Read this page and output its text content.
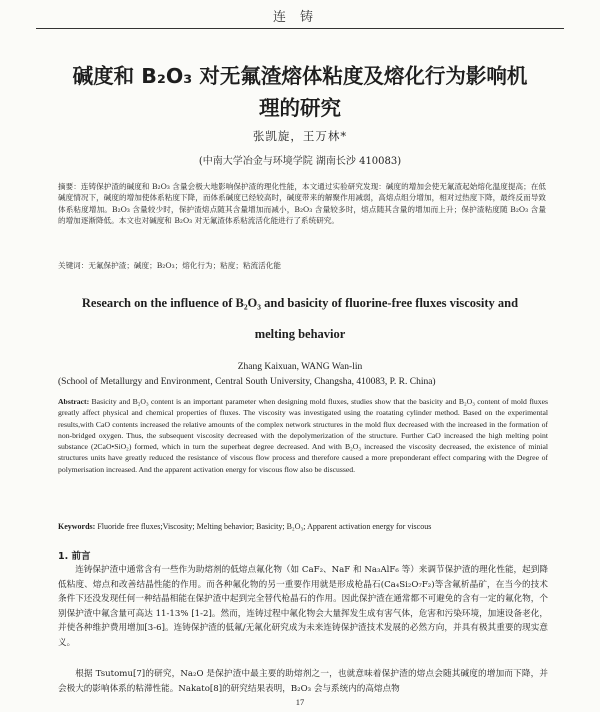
连铸
碱度和 B₂O₃ 对无氟渣熔体粘度及熔化行为影响机
理的研究
张凯旋，王万林*
(中南大学冶金与环境学院 湖南长沙 410083)
摘要：连铸保护渣的碱度和 B₂O₃ 含量会极大地影响保护渣的理化性能，本文通过实验研究发现：碱度的增加会使无氟渣起始熔化温度提高；在低碱度情况下，碱度的增加使体系粘度下降，而体系碱度已经较高时，碱度带来的解聚作用减弱，高熔点组分增加，相对过热度下降，最终反而导致体系粘度增加。B₂O₃ 含量较少时，保护渣熔点随其含量增加而减小，B₂O₃ 含量较多时，熔点随其含量的增加而上升；保护渣粘度随 B₂O₃ 含量的增加逐渐降低。本文也对碱度和 B₂O₃ 对无氟渣体系粘流活化能进行了系统研究。
关键词：无氟保护渣；碱度；B₂O₃；熔化行为；粘度；粘流活化能
Research on the influence of B₂O₃ and basicity of fluorine-free fluxes viscosity and
melting behavior
Zhang Kaixuan, WANG Wan-lin
(School of Metallurgy and Environment, Central South University, Changsha, 410083, P. R. China)
Abstract: Basicity and B₂O₃ content is an important parameter when designing mold fluxes, studies show that the basicity and B₂O₃ content of mold fluxes greatly affect physical and chemical properties of fluxes. The viscosity was investigated using the roatating cylinder method. Based on the experimental results,with CaO contents increased the relative amounts of the complex network structures in the mold flux decreased with the increased in the formation of non-bridged oxygen. Thus, the subsequent viscosity decreased with the depolymerization of the structure. Further CaO increased the high melting point substance (2CaO•SiO₂) formed, which in turn the superheat degree decreased. And with B₂O₃ increased the viscosity decreased, the existence of minial structures units have greatly reduced the resistance of viscous flow process and therefore caused a more preponderant effect comparing with the Degree of polymerisation increased. And the apparent activation energy for viscous flow also be discussed.
Keywords: Fluoride free fluxes;Viscosity; Melting behavior; Basicity; B₂O₃; Apparent activation energy for viscous
1. 前言
连铸保护渣中通常含有一些作为助熔剂的低熔点氟化物（如 CaF₂、NaF 和 Na₃AlF₆ 等）来调节保护渣的理化性能，起到降低粘度、熔点和改善结晶性能的作用。而各种氟化物的另一重要作用就是形成枪晶石(Ca₄Si₂O₇F₂)等含氟析晶矿，在当今的技术条件下还没发现任何一种结晶相能在保护渣中起到完全替代枪晶石的作用。因此保护渣在通常都不可避免的含有一定的氟化物，个别保护渣中氟含量可高达 11-13% [1-2]。然而，连铸过程中氟化物会大量挥发生成有害气体，危害和污染环境，加速设备老化，并使各种维护费用增加[3-6]。连铸保护渣的低氟/无氟化研究成为未来连铸保护渣技术发展的必然方向，并具有极其重要的现实意义。
根据 Tsutomu[7]的研究，Na₂O 是保护渣中最主要的助熔剂之一，也就意味着保护渣的熔点会随其碱度的增加而下降，并会极大的影响体系的粘滞性能。Nakato[8]的研究结果表明，B₂O₃ 会与系统内的高熔点物
17
